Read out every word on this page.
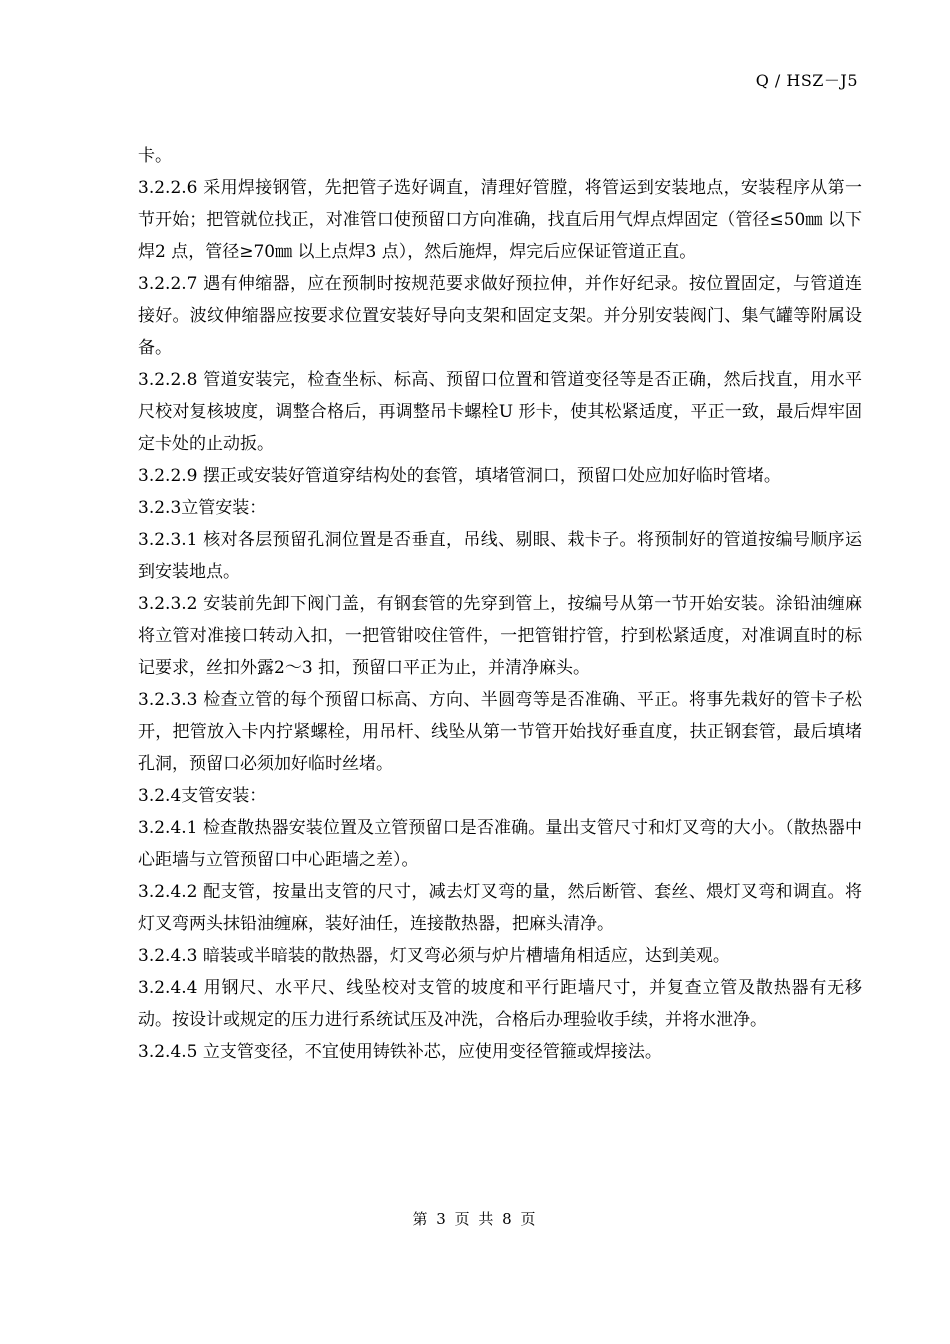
Q / HSZ－J5

卡。

3.2.2.6 采用焊接钢管，先把管子选好调直，清理好管膛，将管运到安装地点，安装程序从第一节开始；把管就位找正，对准管口使预留口方向准确，找直后用气焊点焊固定（管径≤50㎜ 以下焊2 点，管径≥70㎜ 以上点焊3 点），然后施焊，焊完后应保证管道正直。

3.2.2.7 遇有伸缩器，应在预制时按规范要求做好预拉伸，并作好纪录。按位置固定，与管道连接好。波纹伸缩器应按要求位置安装好导向支架和固定支架。并分别安装阀门、集气罐等附属设备。

3.2.2.8 管道安装完，检查坐标、标高、预留口位置和管道变径等是否正确，然后找直，用水平尺校对复核坡度，调整合格后，再调整吊卡螺栓U 形卡，使其松紧适度，平正一致，最后焊牢固定卡处的止动扳。

3.2.2.9 摆正或安装好管道穿结构处的套管，填堵管洞口，预留口处应加好临时管堵。

3.2.3立管安装：

3.2.3.1 核对各层预留孔洞位置是否垂直，吊线、剔眼、栽卡子。将预制好的管道按编号顺序运到安装地点。

3.2.3.2 安装前先卸下阀门盖，有钢套管的先穿到管上，按编号从第一节开始安装。涂铅油缠麻将立管对准接口转动入扣，一把管钳咬住管件，一把管钳拧管，拧到松紧适度，对准调直时的标记要求，丝扣外露2～3 扣，预留口平正为止，并清净麻头。

3.2.3.3 检查立管的每个预留口标高、方向、半圆弯等是否准确、平正。将事先栽好的管卡子松开，把管放入卡内拧紧螺栓，用吊杆、线坠从第一节管开始找好垂直度，扶正钢套管，最后填堵孔洞，预留口必须加好临时丝堵。

3.2.4支管安装：

3.2.4.1 检查散热器安装位置及立管预留口是否准确。量出支管尺寸和灯叉弯的大小。（散热器中心距墙与立管预留口中心距墙之差）。

3.2.4.2 配支管，按量出支管的尺寸，减去灯叉弯的量，然后断管、套丝、煨灯叉弯和调直。将灯叉弯两头抹铅油缠麻，装好油任，连接散热器，把麻头清净。

3.2.4.3 暗装或半暗装的散热器，灯叉弯必须与炉片槽墙角相适应，达到美观。

3.2.4.4 用钢尺、水平尺、线坠校对支管的坡度和平行距墙尺寸，并复查立管及散热器有无移动。按设计或规定的压力进行系统试压及冲洗，合格后办理验收手续，并将水泄净。

3.2.4.5 立支管变径，不宜使用铸铁补芯，应使用变径管箍或焊接法。

第 3 页 共 8 页
